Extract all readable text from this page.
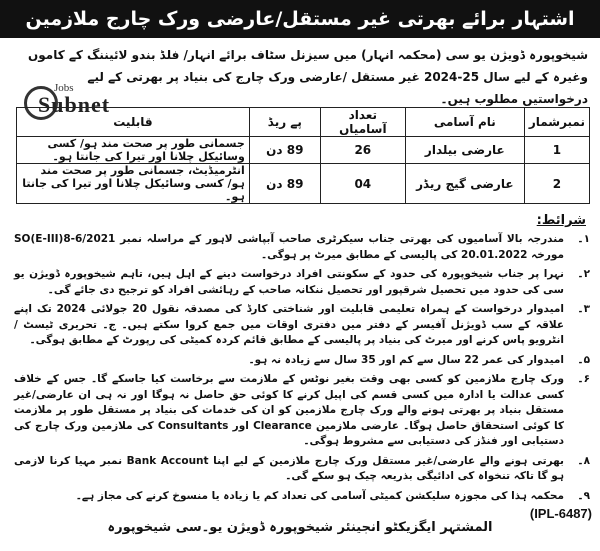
اشتہار برائے بھرتی غیر مستقل/عارضی ورک چارج ملازمین
شیخوپورہ ڈویژن یو سی (محکمہ انہار) میں سیزنل سٹاف برائے انہار/ فلڈ بندو لائیننگ کے کاموں وغیرہ کے لیے سال 25-2024 غیر مستقل /عارضی ورک چارج کی بنیاد پر بھرتی کے لیے درخواستیں مطلوب ہیں۔
Jobs
Subnet
نمبرشمار	نام آسامی	تعداد آسامیاں	پے ریڈ	قابلیت
1	عارضی بیلدار	26	89 دن	جسمانی طور پر صحت مند ہو/ کسی وسائیکل چلانا اور تیرا کی جانتا ہو۔
2	عارضی گیج ریڈر	04	89 دن	انٹرمیڈیٹ، جسمانی طور پر صحت مند ہو/ کسی وسائیکل چلانا اور تیرا کی جانتا ہو۔
شرائط:
۱۔
مندرجہ بالا آسامیوں کی بھرتی جناب سیکرٹری صاحب آبپاشی لاہور کے مراسلہ نمبر SO(E-III)8-6/2021 مورخہ 20.01.2022 کی پالیسی کے مطابق میرٹ پر ہوگی۔
۲۔
نہرا پر جناب شیخوپورہ کی حدود کے سکونتی افراد درخواست دینے کے اہل ہیں، تاہم شیخوپورہ ڈویژن یو سی کی حدود میں تحصیل شرقپور اور تحصیل ننکانہ صاحب کے رہائشی افراد کو ترجیح دی جائے گی۔
۳۔
امیدوار درخواست کے ہمراہ تعلیمی قابلیت اور شناختی کارڈ کی مصدقہ نقول 20 جولائی 2024 تک اپنے علاقہ کے سب ڈویژنل آفیسر کے دفتر میں دفتری اوقات میں جمع کروا سکتے ہیں۔ ج۔ تحریری ٹیسٹ / انٹرویو پاس کرنے اور میرٹ کی بنیاد پر پالیسی کے مطابق قائم کردہ کمیٹی کی رپورٹ کے مطابق ہوگی۔
۵۔
امیدوار کی عمر 22 سال سے کم اور 35 سال سے زیادہ نہ ہو۔
۶۔
ورک چارج ملازمین کو کسی بھی وقت بغیر نوٹس کے ملازمت سے برخاست کیا جاسکے گا۔ جس کے خلاف کسی عدالت یا ادارہ میں کسی قسم کی اپیل کرنے کا کوئی حق حاصل نہ ہوگا اور نہ ہی ان عارضی/غیر مستقل بنیاد پر بھرتی ہونے والے ورک چارج ملازمین کو ان کی خدمات کی بنیاد پر مستقل طور پر ملازمت کا کوئی استحقاق حاصل ہوگا۔ عارضی ملازمین Clearance اور Consultants کی ملازمین ورک چارج کی دستیابی اور فنڈز کی دستیابی سے مشروط ہوگی۔
۸۔
بھرتی ہونے والے عارضی/غیر مستقل ورک چارج ملازمین کے لیے اپنا Bank Account نمبر مہیا کرنا لازمی ہو گا تاکہ تنخواہ کی ادائیگی بذریعہ چیک ہو سکے گی۔
۹۔
محکمہ ہذا کی مجوزہ سلیکشن کمیٹی آسامی کی تعداد کم یا زیادہ یا منسوخ کرنے کی مجاز ہے۔
(IPL-6487)
المشتہر ایگزیکٹو انجینئر شیخوپورہ ڈویژن یو۔سی شیخوپورہ
